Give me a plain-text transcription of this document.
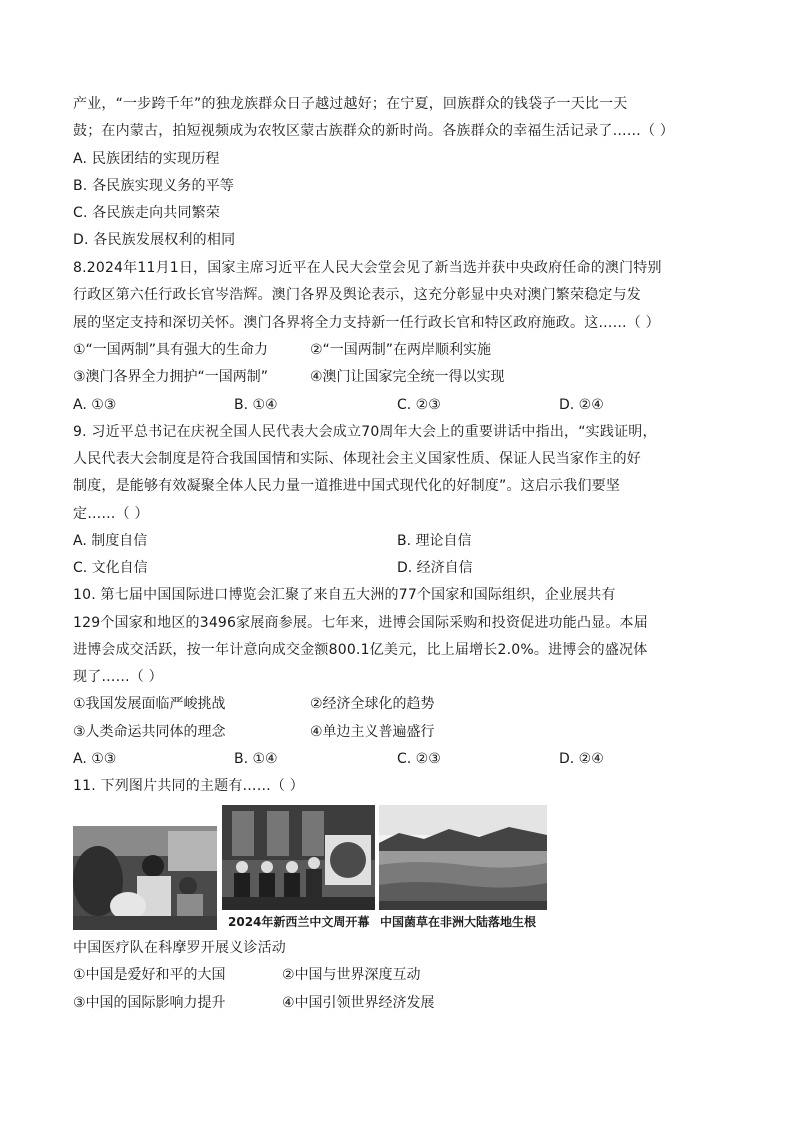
产业，“一步跨千年”的独龙族群众日子越过越好；在宁夏，回族群众的钱袋子一天比一天
鼓；在内蒙古，拍短视频成为农牧区蒙古族群众的新时尚。各族群众的幸福生活记录了……（ ）
A. 民族团结的实现历程
B. 各民族实现义务的平等
C. 各民族走向共同繁荣
D. 各民族发展权利的相同
8.2024年11月1日，国家主席习近平在人民大会堂会见了新当选并获中央政府任命的澳门特别
行政区第六任行政长官岑浩辉。澳门各界及舆论表示，这充分彰显中央对澳门繁荣稳定与发
展的坚定支持和深切关怀。澳门各界将全力支持新一任行政长官和特区政府施政。这……（ ）
①“一国两制”具有强大的生命力	②“一国两制”在两岸顺利实施
③澳门各界全力拥护“一国两制”	④澳门让国家完全统一得以实现
A. ①③	B. ①④	C. ②③	D. ②④
9. 习近平总书记在庆祝全国人民代表大会成立70周年大会上的重要讲话中指出，“实践证明，
人民代表大会制度是符合我国国情和实际、体现社会主义国家性质、保证人民当家作主的好
制度，是能够有效凝聚全体人民力量一道推进中国式现代化的好制度”。这启示我们要坚
定……（ ）
A. 制度自信	B. 理论自信
C. 文化自信	D. 经济自信
10. 第七届中国国际进口博览会汇聚了来自五大洲的77个国家和国际组织，企业展共有
129个国家和地区的3496家展商参展。七年来，进博会国际采购和投资促进功能凸显。本届
进博会成交活跃，按一年计意向成交金额800.1亿美元，比上届增长2.0%。进博会的盛况体
现了……（ ）
①我国发展面临严峻挑战	②经济全球化的趋势
③人类命运共同体的理念	④单边主义普遍盛行
A. ①③	B. ①④	C. ②③	D. ②④
11. 下列图片共同的主题有……（ ）
2024年新西兰中文周开幕 中国菌草在非洲大陆落地生根
中国医疗队在科摩罗开展义诊活动
①中国是爱好和平的大国	②中国与世界深度互动
③中国的国际影响力提升	④中国引领世界经济发展
